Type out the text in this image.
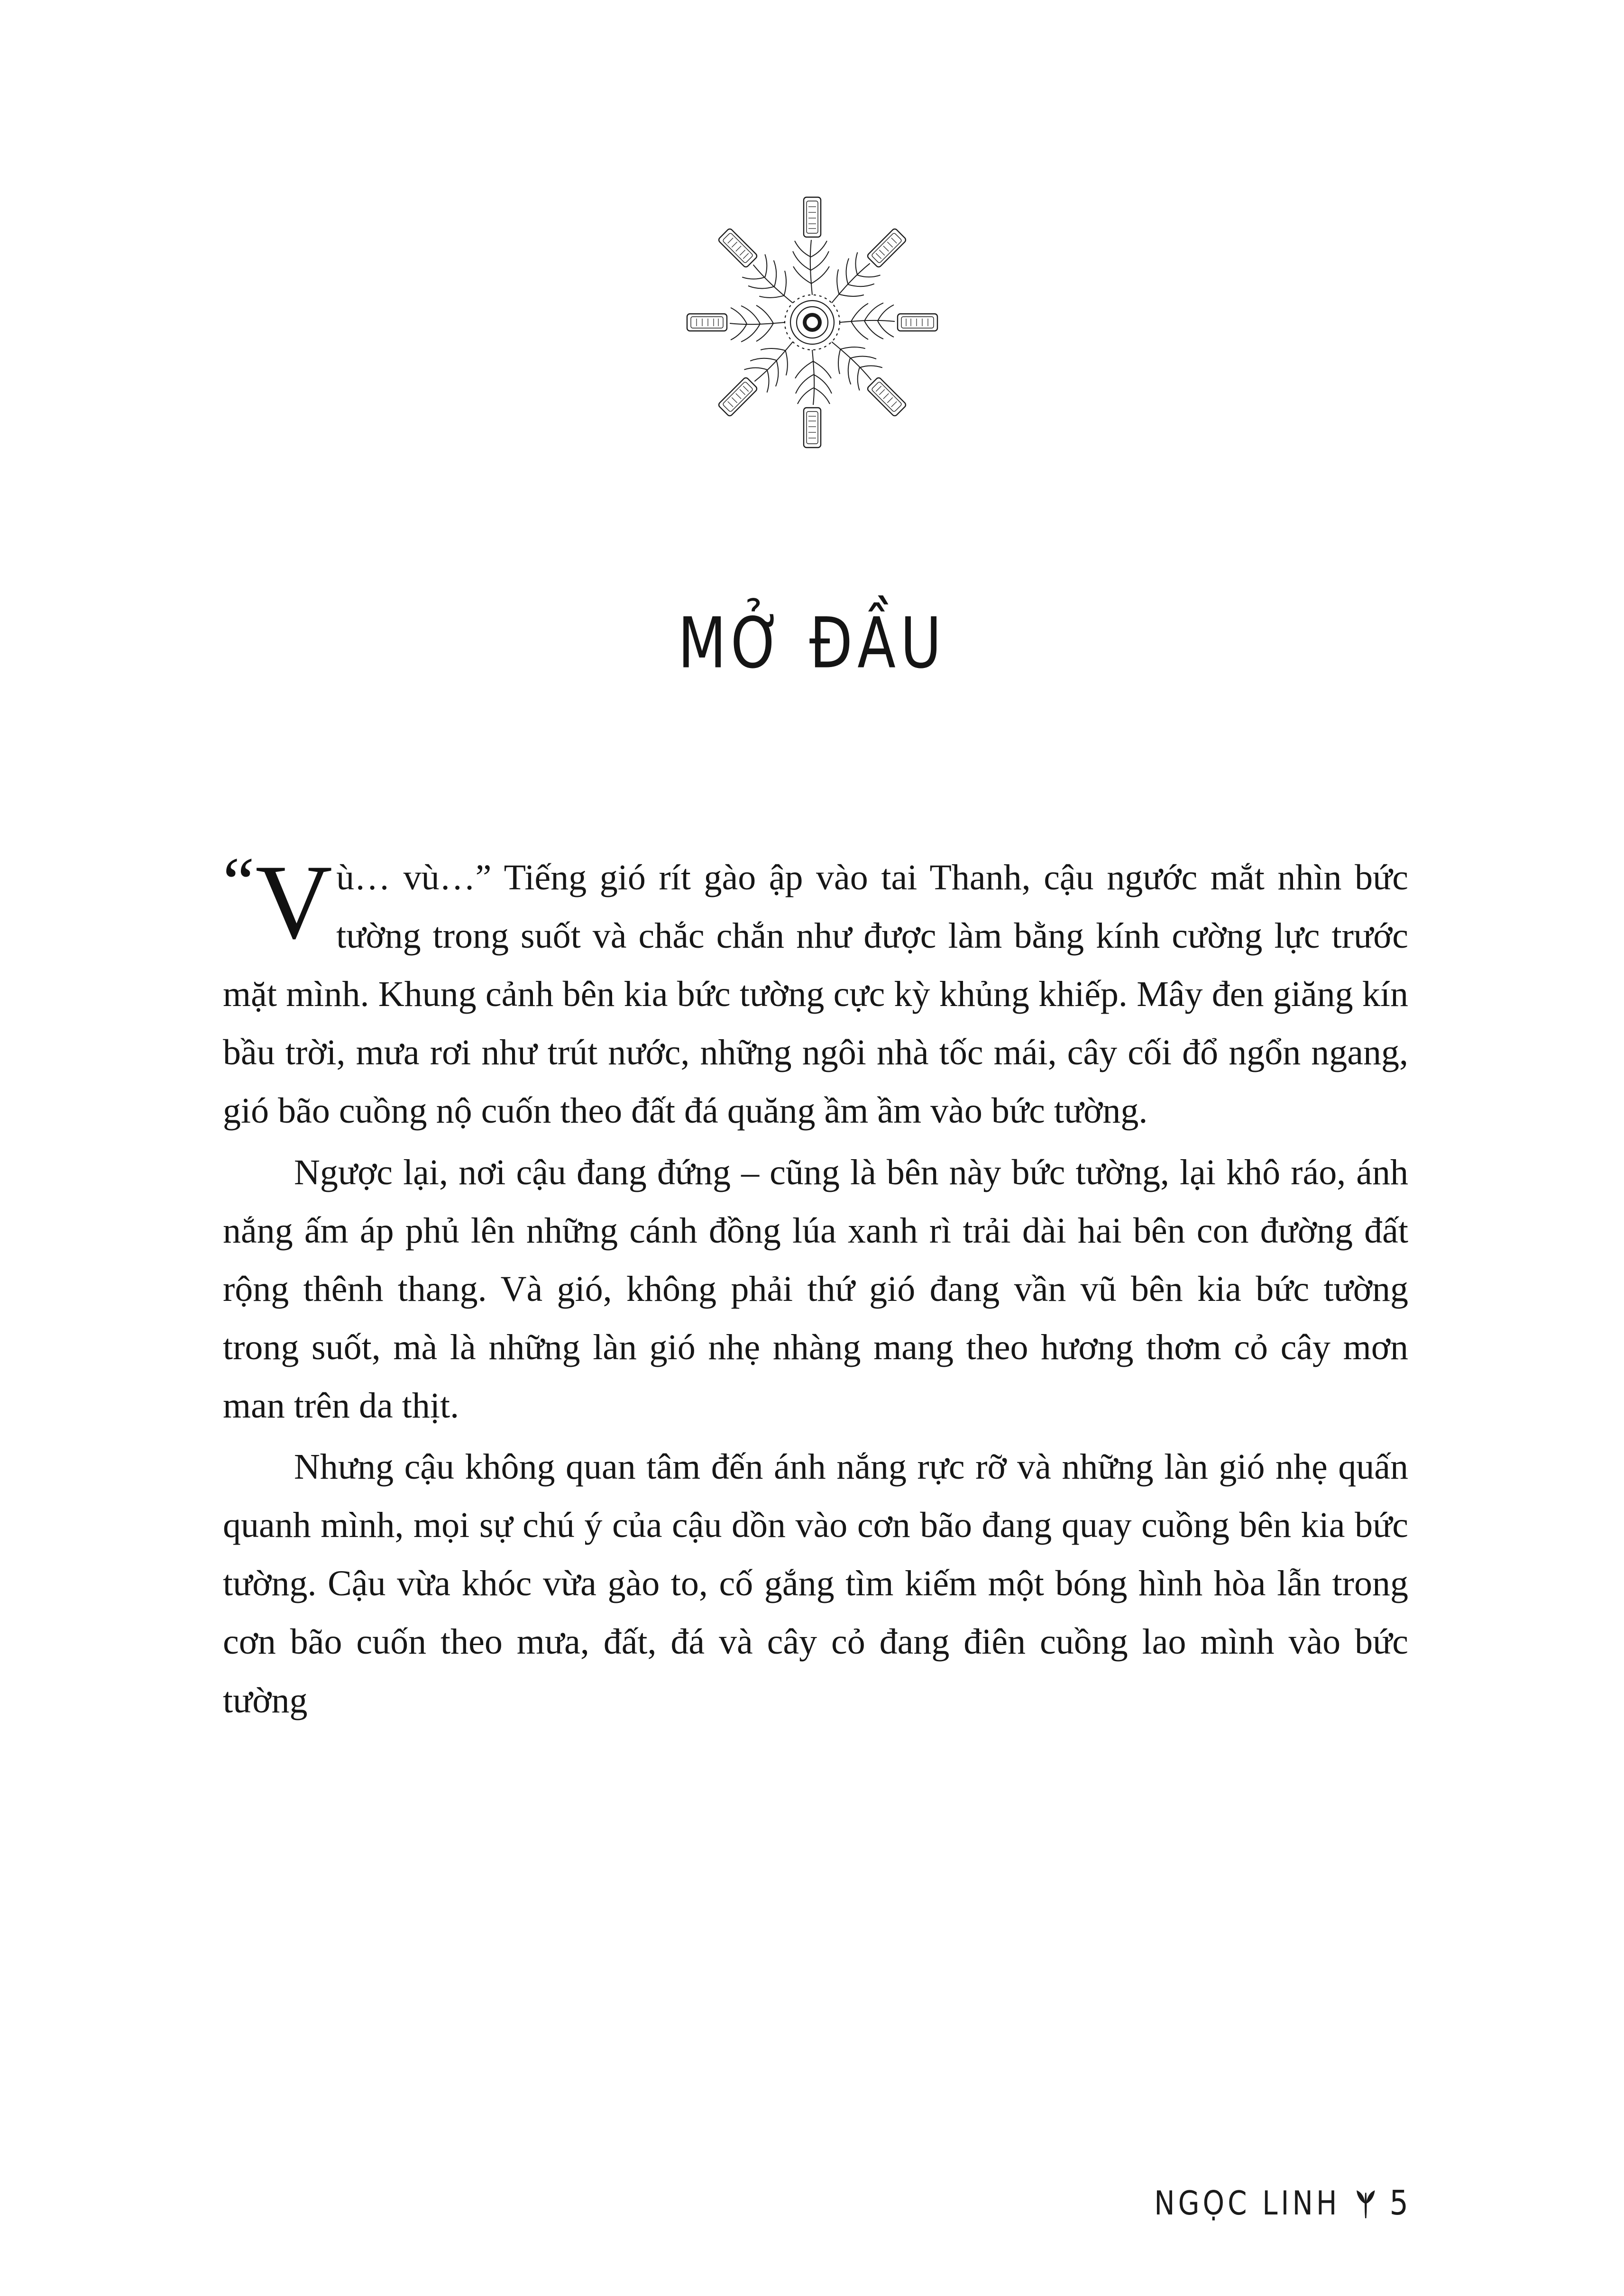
MỞ ĐẦU

“ V ù… vù…” Tiếng gió rít gào ập vào tai Thanh, cậu ngước mắt nhìn bức tường trong suốt và chắc chắn như được làm bằng kính cường lực trước mặt mình. Khung cảnh bên kia bức tường cực kỳ khủng khiếp. Mây đen giăng kín bầu trời, mưa rơi như trút nước, những ngôi nhà tốc mái, cây cối đổ ngổn ngang, gió bão cuồng nộ cuốn theo đất đá quăng ầm ầm vào bức tường.

Ngược lại, nơi cậu đang đứng – cũng là bên này bức tường, lại khô ráo, ánh nắng ấm áp phủ lên những cánh đồng lúa xanh rì trải dài hai bên con đường đất rộng thênh thang. Và gió, không phải thứ gió đang vần vũ bên kia bức tường trong suốt, mà là những làn gió nhẹ nhàng mang theo hương thơm cỏ cây mơn man trên da thịt.

Nhưng cậu không quan tâm đến ánh nắng rực rỡ và những làn gió nhẹ quấn quanh mình, mọi sự chú ý của cậu dồn vào cơn bão đang quay cuồng bên kia bức tường. Cậu vừa khóc vừa gào to, cố gắng tìm kiếm một bóng hình hòa lẫn trong cơn bão cuốn theo mưa, đất, đá và cây cỏ đang điên cuồng lao mình vào bức tường

NGỌC LINH 5
